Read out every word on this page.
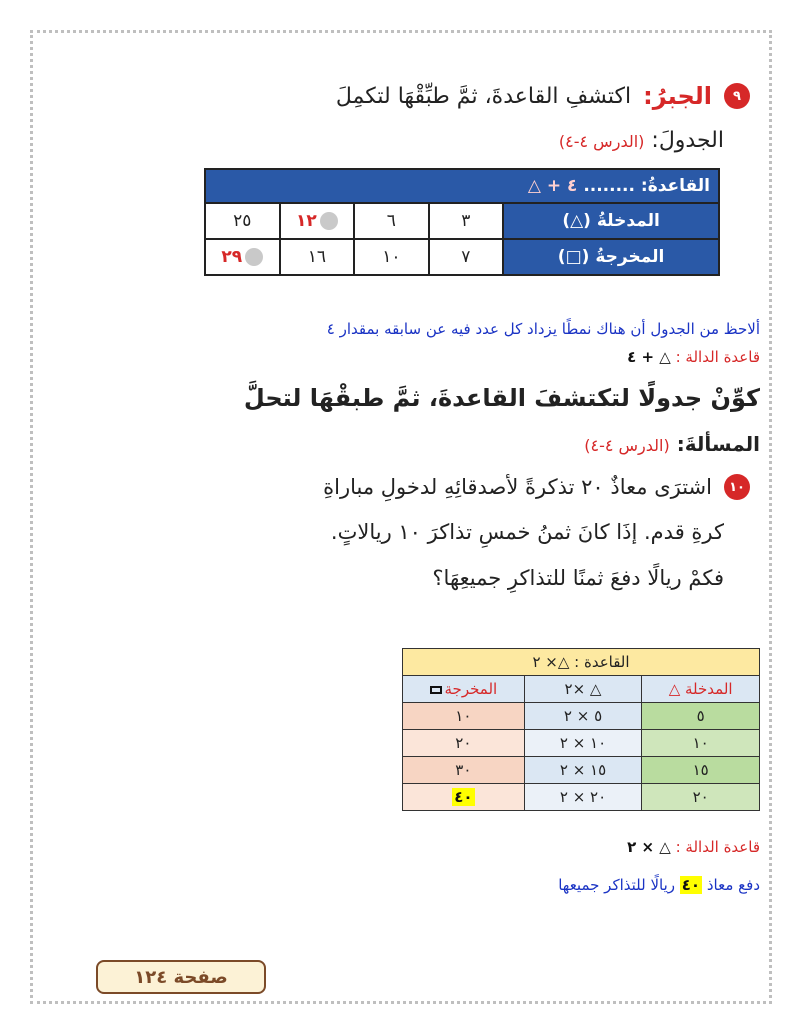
٩
الجبرُ:
اكتشفِ القاعدةَ، ثمَّ طبِّقْهَا لتكمِلَ
الجدولَ: (الدرس ٤-٤)
القاعدةُ: ........ ٤ + △				
المدخلةُ (△)	٣	٦	١٢	٢٥
المخرجةُ (□)	٧	١٠	١٦	٢٩
ألاحظ من الجدول أن هناك نمطًا يزداد كل عدد فيه عن سابقه بمقدار ٤
قاعدة الدالة : △ + ٤
كوِّنْ جدولًا لتكتشفَ القاعدةَ، ثمَّ طبقْهَا لتحلَّ
المسألةَ: (الدرس ٤-٤)
١٠
اشترَى معاذٌ ٢٠ تذكرةً لأصدقائِهِ لدخولِ مباراةِ
كرةِ قدم. إذَا كانَ ثمنُ خمسِ تذاكرَ ١٠ ريالاتٍ.
فكمْ ريالًا دفعَ ثمنًا للتذاكرِ جميعِهَا؟
القاعدة : △× ٢		
المدخلة △	△ ×٢	المخرجة
٥	٥ × ٢	١٠
١٠	١٠ × ٢	٢٠
١٥	١٥ × ٢	٣٠
٢٠	٢٠ × ٢	٤٠
قاعدة الدالة : △ × ٢
دفع معاذ ٤٠ ريالًا للتذاكر جميعها
صفحة ١٢٤
